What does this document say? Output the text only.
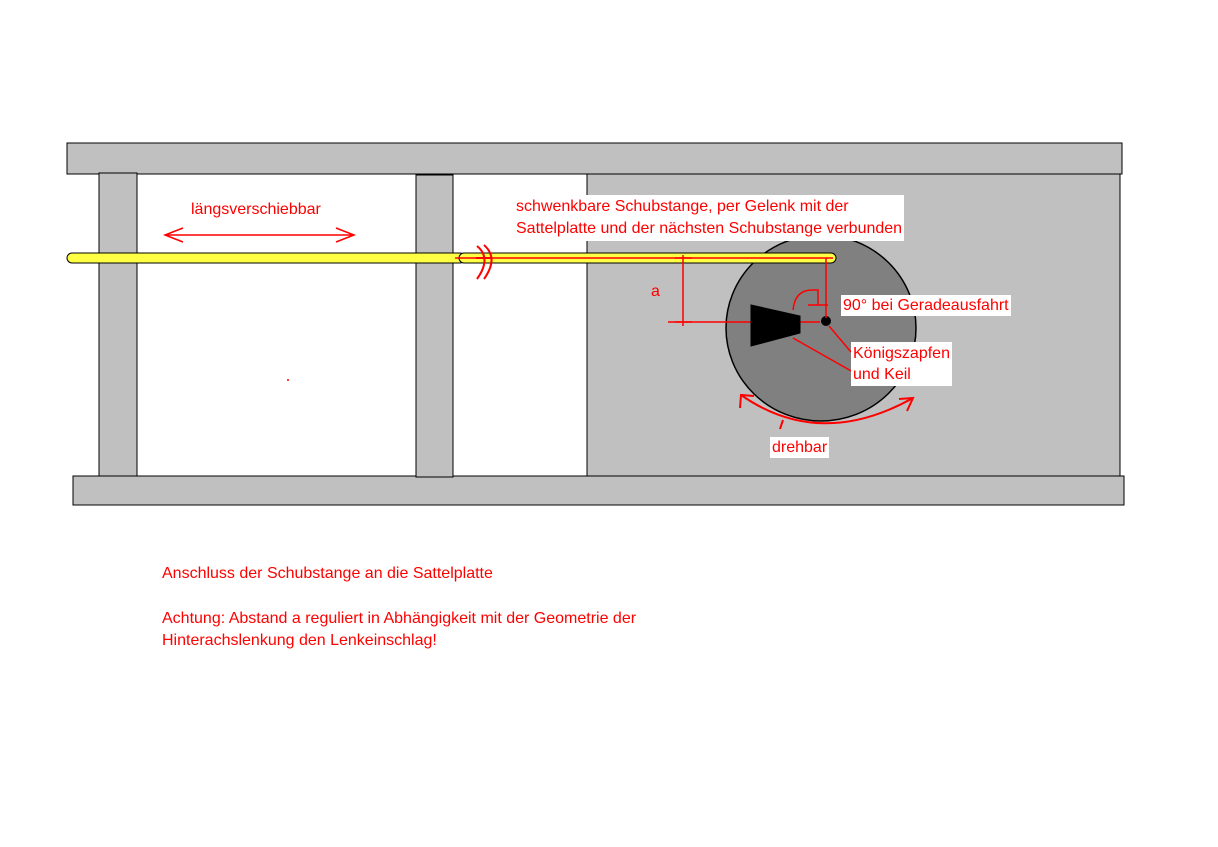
längsverschiebbar	schwenkbare Schubstange, per Gelenk mit der
Sattelplatte und der nächsten Schubstange verbunden
a
90° bei Geradeausfahrt
Königszapfen
und Keil
drehbar
Anschluss der Schubstange an die Sattelplatte
Achtung: Abstand a reguliert in Abhängigkeit mit der Geometrie der
Hinterachslenkung den Lenkeinschlag!
